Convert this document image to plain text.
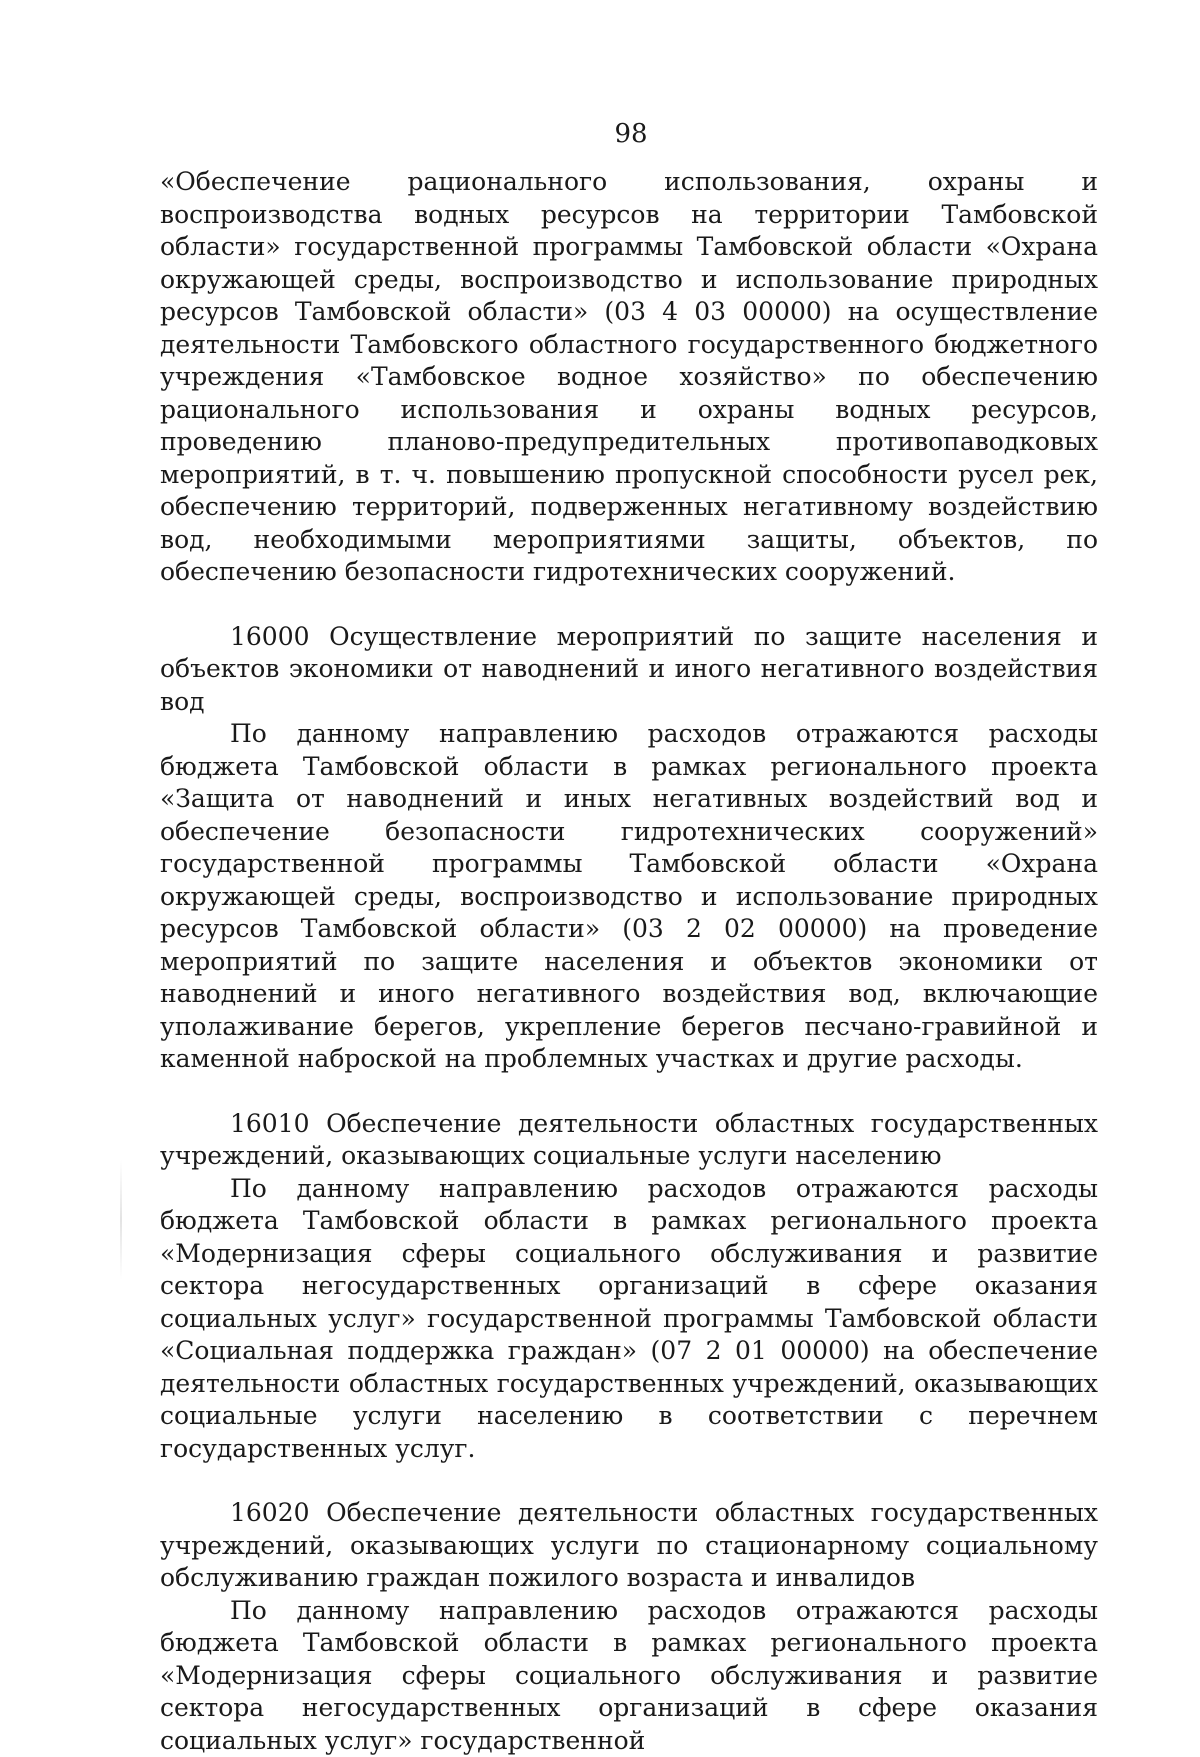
98

«Обеспечение рационального использования, охраны и воспроизводства водных ресурсов на территории Тамбовской области» государственной программы Тамбовской области «Охрана окружающей среды, воспроизводство и использование природных ресурсов Тамбовской области» (03 4 03 00000) на осуществление деятельности Тамбовского областного государственного бюджетного учреждения «Тамбовское водное хозяйство» по обеспечению рационального использования и охраны водных ресурсов, проведению планово-предупредительных противопаводковых мероприятий, в т. ч. повышению пропускной способности русел рек, обеспечению территорий, подверженных негативному воздействию вод, необходимыми мероприятиями защиты, объектов, по обеспечению безопасности гидротехнических сооружений.

16000 Осуществление мероприятий по защите населения и объектов экономики от наводнений и иного негативного воздействия вод

По данному направлению расходов отражаются расходы бюджета Тамбовской области в рамках регионального проекта «Защита от наводнений и иных негативных воздействий вод и обеспечение безопасности гидротехнических сооружений» государственной программы Тамбовской области «Охрана окружающей среды, воспроизводство и использование природных ресурсов Тамбовской области» (03 2 02 00000) на проведение мероприятий по защите населения и объектов экономики от наводнений и иного негативного воздействия вод, включающие уполаживание берегов, укрепление берегов песчано-гравийной и каменной наброской на проблемных участках и другие расходы.

16010 Обеспечение деятельности областных государственных учреждений, оказывающих социальные услуги населению

По данному направлению расходов отражаются расходы бюджета Тамбовской области в рамках регионального проекта «Модернизация сферы социального обслуживания и развитие сектора негосударственных организаций в сфере оказания социальных услуг» государственной программы Тамбовской области «Социальная поддержка граждан» (07 2 01 00000) на обеспечение деятельности областных государственных учреждений, оказывающих социальные услуги населению в соответствии с перечнем государственных услуг.

16020 Обеспечение деятельности областных государственных учреждений, оказывающих услуги по стационарному социальному обслуживанию граждан пожилого возраста и инвалидов

По данному направлению расходов отражаются расходы бюджета Тамбовской области в рамках регионального проекта «Модернизация сферы социального обслуживания и развитие сектора негосударственных организаций в сфере оказания социальных услуг» государственной
